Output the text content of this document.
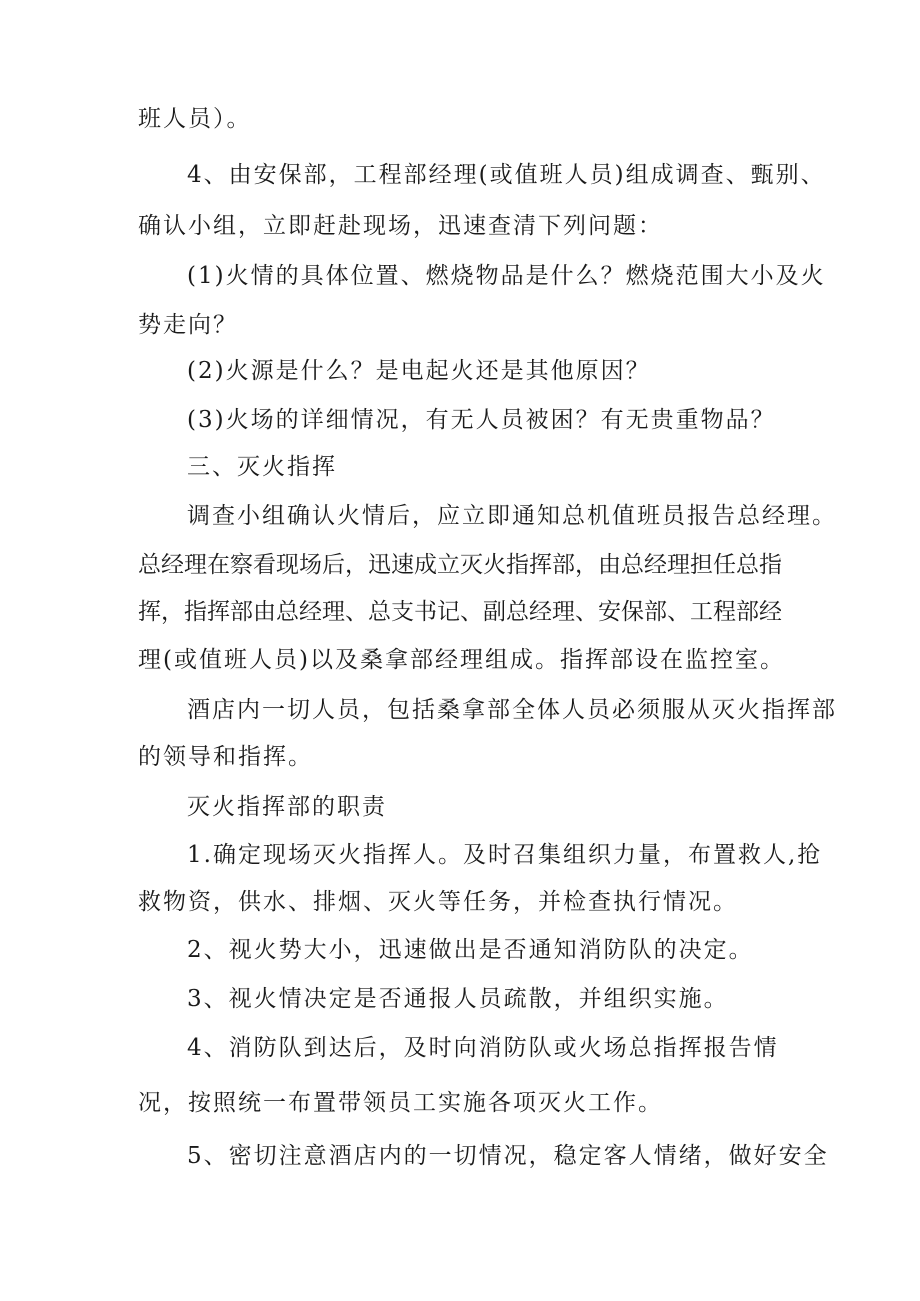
班人员）。

4、由安保部，工程部经理(或值班人员)组成调查、甄别、

确认小组，立即赶赴现场，迅速查清下列问题：

(1)火情的具体位置、燃烧物品是什么？燃烧范围大小及火

势走向？

(2)火源是什么？是电起火还是其他原因？

(3)火场的详细情况，有无人员被困？有无贵重物品？

三、灭火指挥

调查小组确认火情后，应立即通知总机值班员报告总经理。

总经理在察看现场后，迅速成立灭火指挥部，由总经理担任总指

挥，指挥部由总经理、总支书记、副总经理、安保部、工程部经

理(或值班人员)以及桑拿部经理组成。指挥部设在监控室。

酒店内一切人员，包括桑拿部全体人员必须服从灭火指挥部

的领导和指挥。

灭火指挥部的职责

1.确定现场灭火指挥人。及时召集组织力量，布置救人,抢

救物资，供水、排烟、灭火等任务，并检查执行情况。

2、视火势大小，迅速做出是否通知消防队的决定。

3、视火情决定是否通报人员疏散，并组织实施。

4、消防队到达后，及时向消防队或火场总指挥报告情

况，按照统一布置带领员工实施各项灭火工作。

5、密切注意酒店内的一切情况，稳定客人情绪，做好安全
